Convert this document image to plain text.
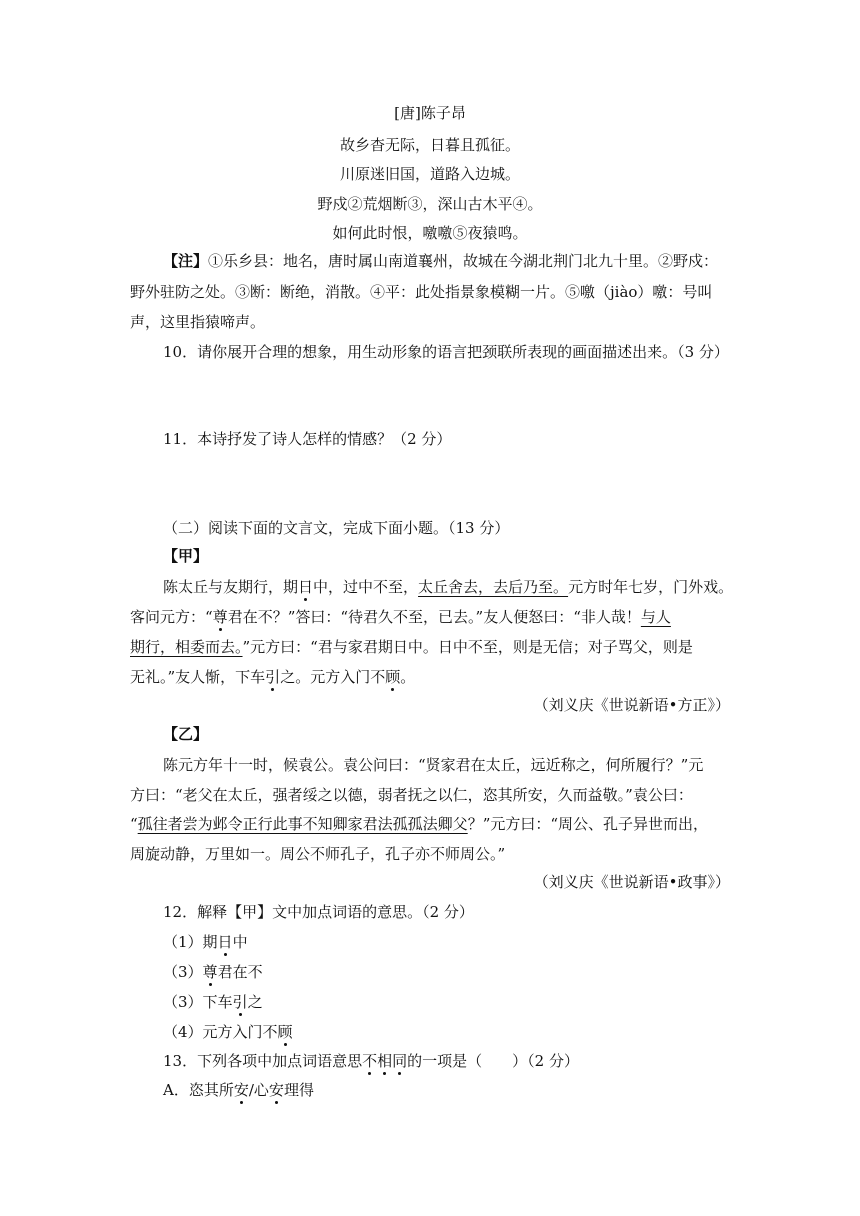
[唐]陈子昂
故乡杳无际，日暮且孤征。
川原迷旧国，道路入边城。
野戍②荒烟断③，深山古木平④。
如何此时恨，噭噭⑤夜猿鸣。
【注】①乐乡县：地名，唐时属山南道襄州，故城在今湖北荆门北九十里。②野戍：
野外驻防之处。③断：断绝，消散。④平：此处指景象模糊一片。⑤噭（jiào）噭：号叫
声，这里指猿啼声。
10．请你展开合理的想象，用生动形象的语言把颈联所表现的画面描述出来。（3 分）
11．本诗抒发了诗人怎样的情感？（2 分）
（二）阅读下面的文言文，完成下面小题。（13 分）
【甲】
陈太丘与友期行，期日中，过中不至，太丘舍去，去后乃至。元方时年七岁，门外戏。
客问元方：“尊君在不？”答曰：“待君久不至，已去。”友人便怒曰：“非人哉！与人
期行，相委而去。”元方曰：“君与家君期日中。日中不至，则是无信；对子骂父，则是
无礼。”友人惭，下车引之。元方入门不顾。
（刘义庆《世说新语•方正》）
【乙】
陈元方年十一时，候袁公。袁公问曰：“贤家君在太丘，远近称之，何所履行？”元
方曰：“老父在太丘，强者绥之以德，弱者抚之以仁，恣其所安，久而益敬。”袁公曰：
“孤往者尝为邺令正行此事不知卿家君法孤孤法卿父？”元方曰：“周公、孔子异世而出，
周旋动静，万里如一。周公不师孔子，孔子亦不师周公。”
（刘义庆《世说新语•政事》）
12．解释【甲】文中加点词语的意思。（2 分）
（1）期日中
（3）尊君在不
（3）下车引之
（4）元方入门不顾
13．下列各项中加点词语意思不相同的一项是（　　）（2 分）
A．恣其所安/心安理得
